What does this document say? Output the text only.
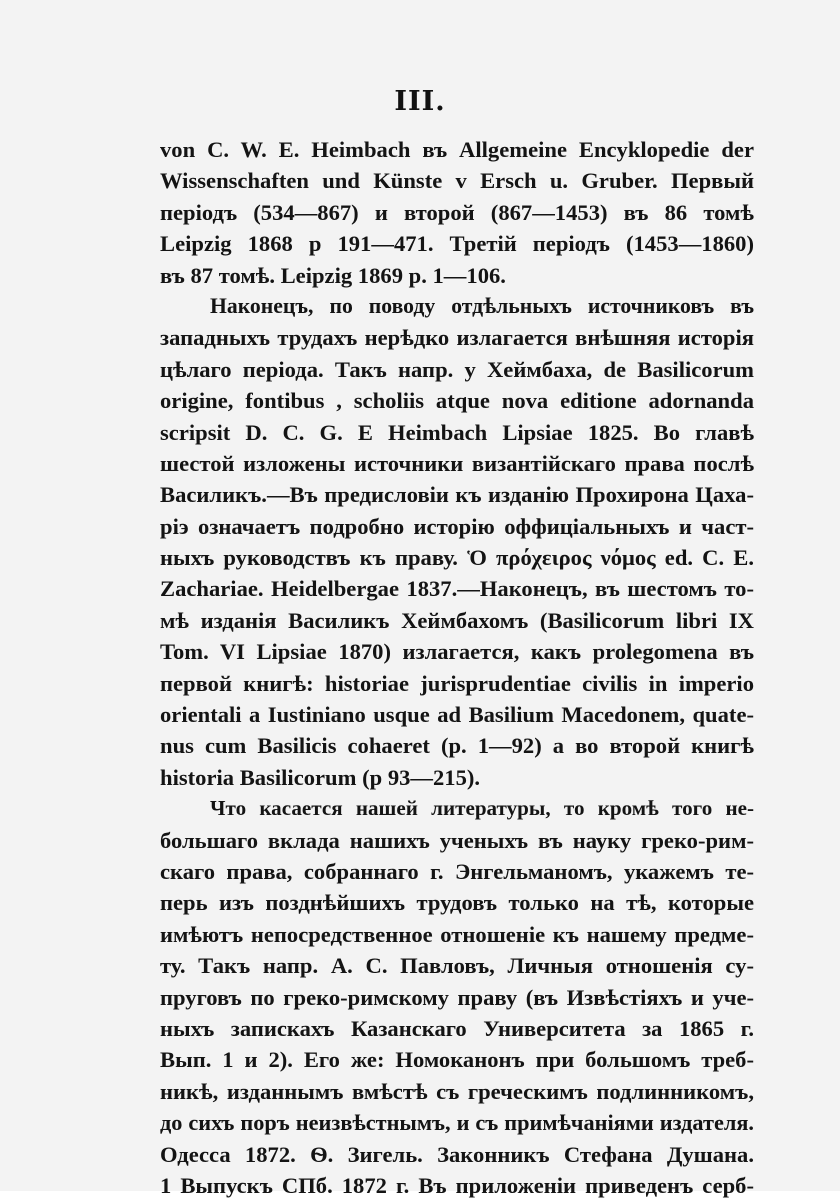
III.
von C. W. E. Heimbach въ Allgemeine Encyklopedie der
Wissenschaften und Künste v Ersch u. Gruber. Первый
періодъ (534—867) и второй (867—1453) въ 86 томѣ
Leipzig 1868 p 191—471. Третій періодъ (1453—1860)
въ 87 томѣ. Leipzig 1869 p. 1—106.
Наконецъ, по поводу отдѣльныхъ источниковъ въ
западныхъ трудахъ нерѣдко излагается внѣшняя исторія
цѣлаго періода. Такъ напр. у Хеймбаха, de Basilicorum
origine, fontibus , scholiis atque nova editione adornanda
scripsit D. C. G. E Heimbach Lipsiae 1825. Во главѣ
шестой изложены источники византійскаго права послѣ
Василикъ.—Въ предисловіи къ изданію Прохирона Цаха-
ріэ означаетъ подробно исторію оффиціальныхъ и част-
ныхъ руководствъ къ праву. Ὁ πρόχειρος νόμος ed. C. E.
Zachariae. Heidelbergae 1837.—Наконецъ, въ шестомъ то-
мѣ изданія Василикъ Хеймбахомъ (Basilicorum libri IX
Tom. VI Lipsiae 1870) излагается, какъ prolegomena въ
первой книгѣ: historiae jurisprudentiae civilis in imperio
orientali a Iustiniano usque ad Basilium Macedonem, quate-
nus cum Basilicis cohaeret (p. 1—92) а во второй книгѣ
historia Basilicorum (p 93—215).
Что касается нашей литературы, то кромѣ того не-
большаго вклада нашихъ ученыхъ въ науку греко-рим-
скаго права, собраннаго г. Энгельманомъ, укажемъ те-
перь изъ позднѣйшихъ трудовъ только на тѣ, которые
имѣютъ непосредственное отношеніе къ нашему предме-
ту. Такъ напр. А. С. Павловъ, Личныя отношенія су-
пруговъ по греко-римскому праву (въ Извѣстіяхъ и уче-
ныхъ запискахъ Казанскаго Университета за 1865 г.
Вып. 1 и 2). Его же: Номоканонъ при большомъ треб-
никѣ, изданнымъ вмѣстѣ съ греческимъ подлинникомъ,
до сихъ поръ неизвѣстнымъ, и съ примѣчаніями издателя.
Одесса 1872. Ѳ. Зигель. Законникъ Стефана Душана.
1 Выпускъ СПб. 1872 г. Въ приложеніи приведенъ серб-
